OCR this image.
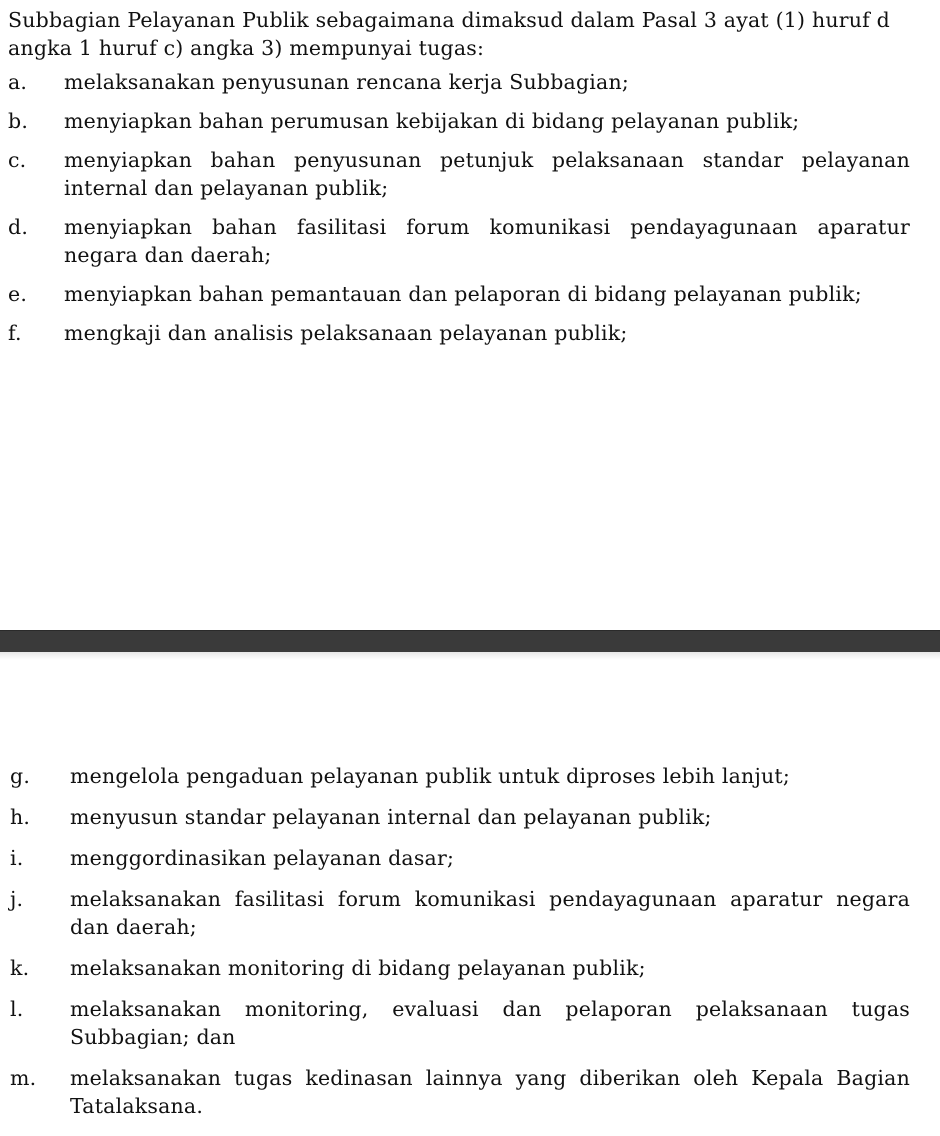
Subbagian Pelayanan Publik sebagaimana dimaksud dalam Pasal 3 ayat (1) huruf d angka 1 huruf c) angka 3) mempunyai tugas:

a.	melaksanakan penyusunan rencana kerja Subbagian;
b.	menyiapkan bahan perumusan kebijakan di bidang pelayanan publik;
c.	menyiapkan bahan penyusunan petunjuk pelaksanaan standar pelayanan internal dan pelayanan publik;
d.	menyiapkan bahan fasilitasi forum komunikasi pendayagunaan aparatur negara dan daerah;
e.	menyiapkan bahan pemantauan dan pelaporan di bidang pelayanan publik;
f.	mengkaji dan analisis pelaksanaan pelayanan publik;
g.	mengelola pengaduan pelayanan publik untuk diproses lebih lanjut;
h.	menyusun standar pelayanan internal dan pelayanan publik;
i.	menggordinasikan pelayanan dasar;
j.	melaksanakan fasilitasi forum komunikasi pendayagunaan aparatur negara dan daerah;
k.	melaksanakan monitoring di bidang pelayanan publik;
l.	melaksanakan monitoring, evaluasi dan pelaporan pelaksanaan tugas Subbagian; dan
m.	melaksanakan tugas kedinasan lainnya yang diberikan oleh Kepala Bagian Tatalaksana.
